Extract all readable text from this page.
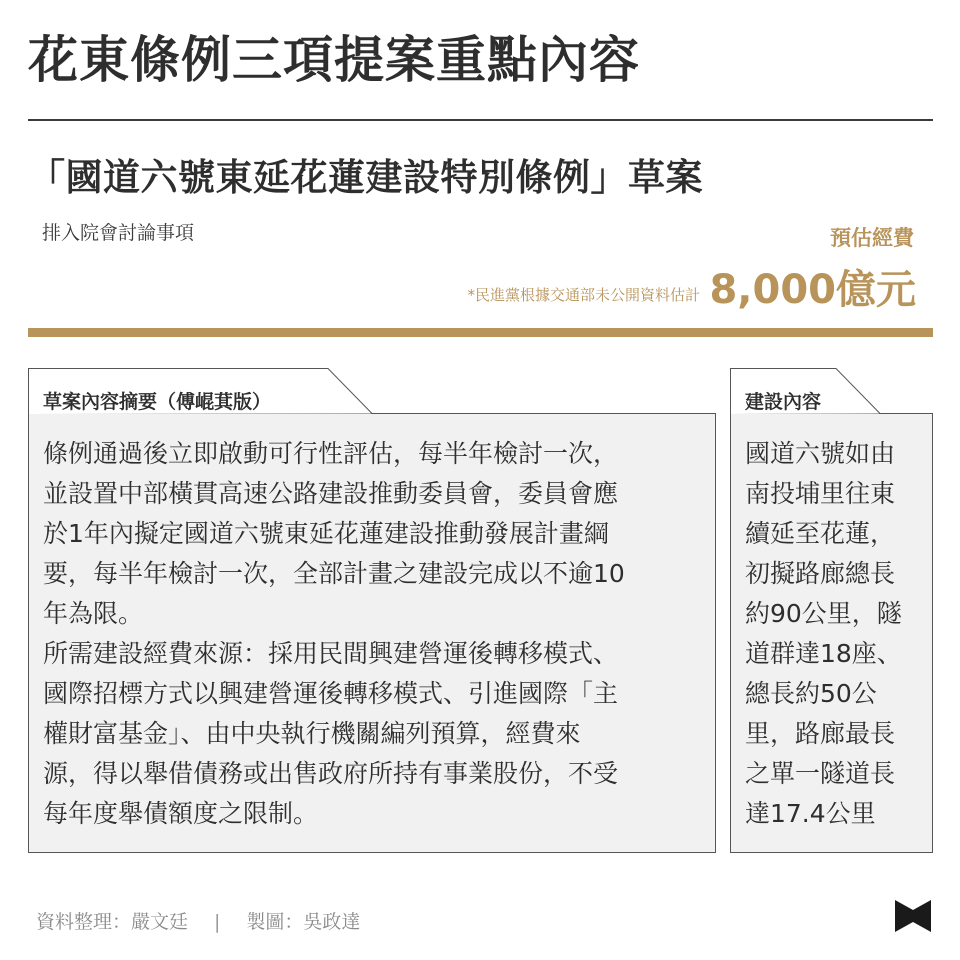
花東條例三項提案重點內容
「國道六號東延花蓮建設特別條例」草案
排入院會討論事項	預估經費
*民進黨根據交通部未公開資料估計 8,000億元
草案內容摘要（傅崐萁版）

條例通過後立即啟動可行性評估，每半年檢討一次，
並設置中部橫貫高速公路建設推動委員會，委員會應
於1年內擬定國道六號東延花蓮建設推動發展計畫綱
要，每半年檢討一次，全部計畫之建設完成以不逾10
年為限。
所需建設經費來源：採用民間興建營運後轉移模式、
國際招標方式以興建營運後轉移模式、引進國際「主
權財富基金」、由中央執行機關編列預算，經費來
源，得以舉借債務或出售政府所持有事業股份，不受
每年度舉債額度之限制。

建設內容

國道六號如由
南投埔里往東
續延至花蓮，
初擬路廊總長
約90公里，隧
道群達18座、
總長約50公
里，路廊最長
之單一隧道長
達17.4公里

資料整理：嚴文廷 | 製圖：吳政達
